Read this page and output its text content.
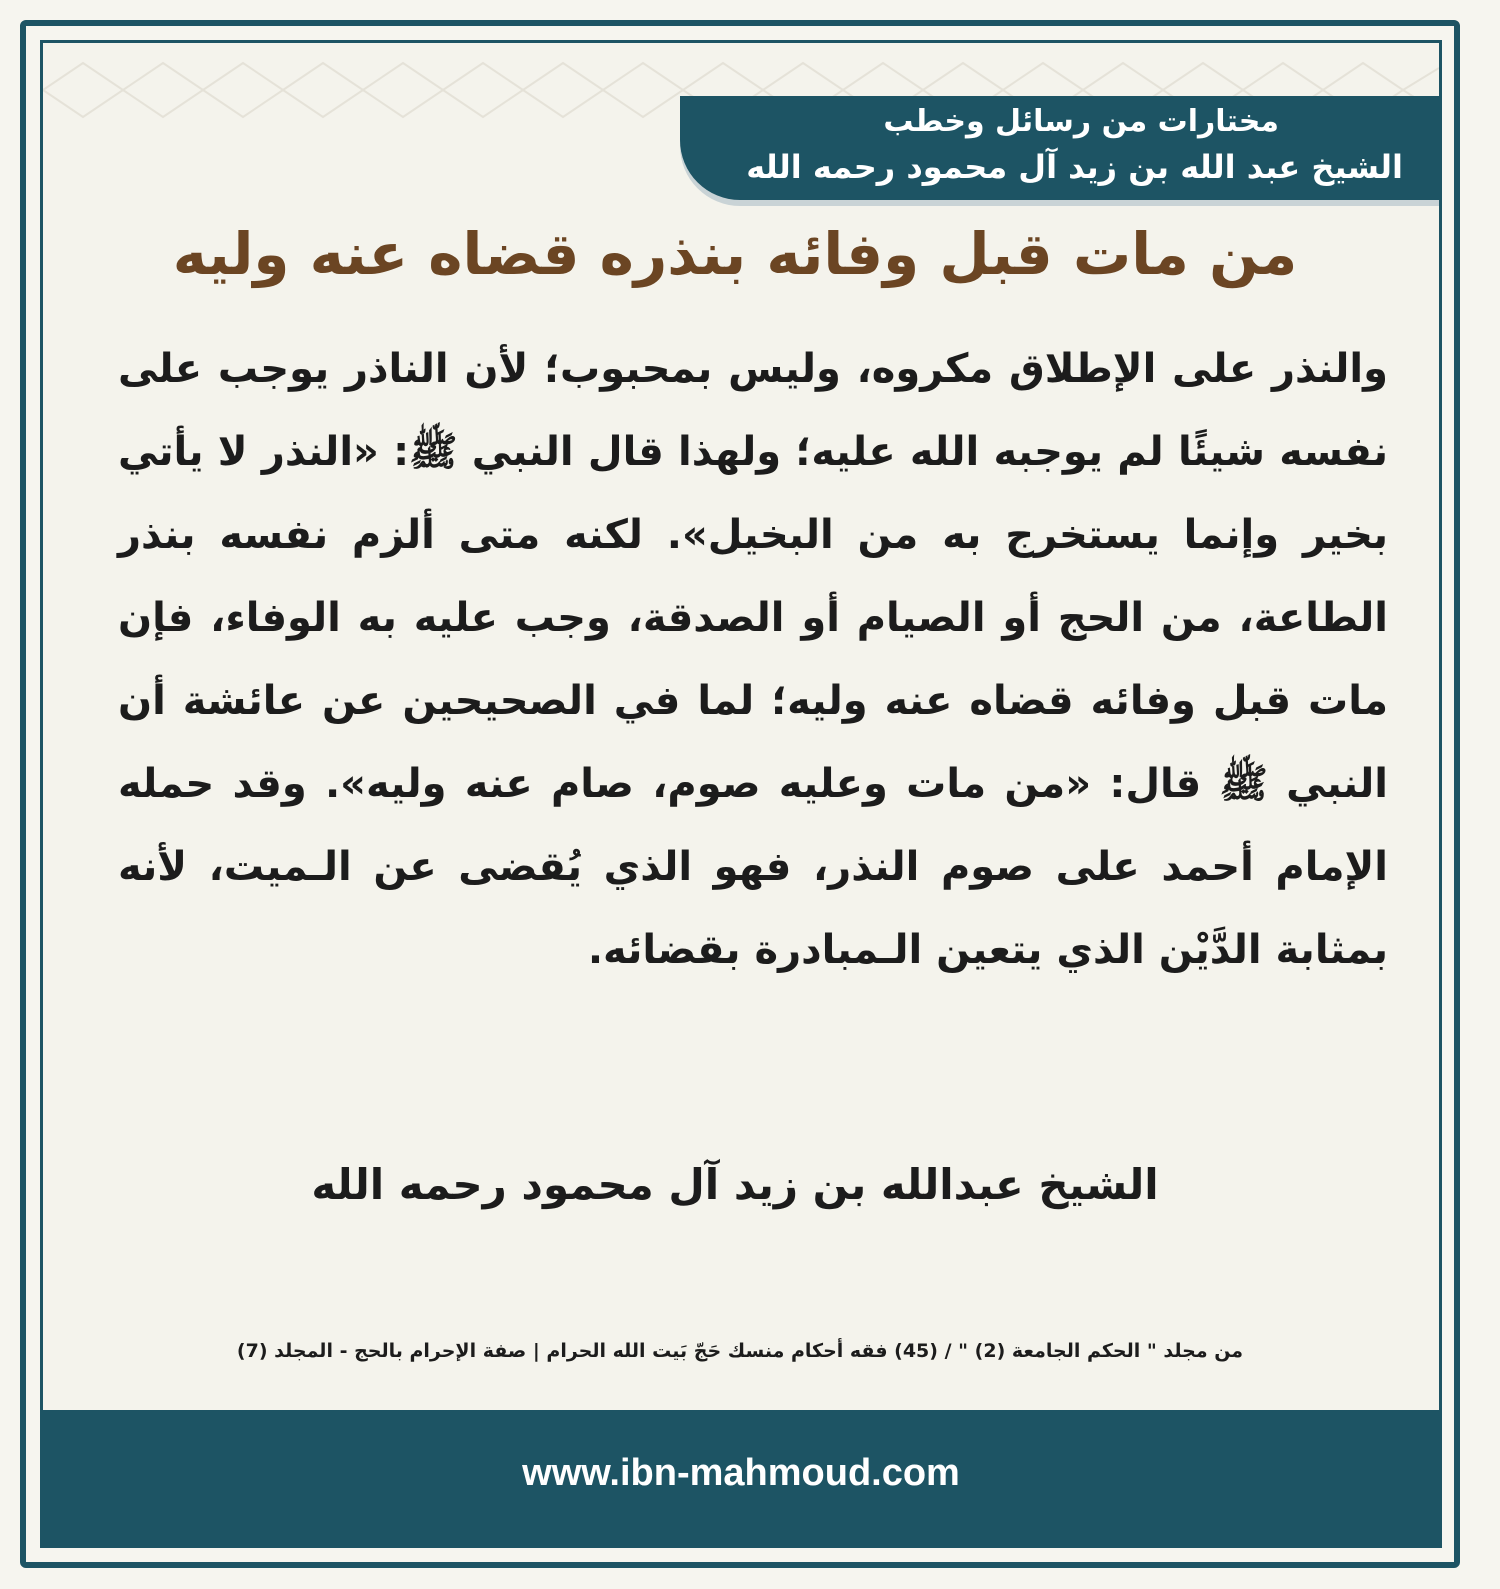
مختارات من رسائل وخطب
الشيخ عبد الله بن زيد آل محمود رحمه الله
من مات قبل وفائه بنذره قضاه عنه وليه
والنذر على الإطلاق مكروه، وليس بمحبوب؛ لأن الناذر يوجب على نفسه شيئًا لم يوجبه الله عليه؛ ولهذا قال النبي ﷺ: «النذر لا يأتي بخير وإنما يستخرج به من البخيل». لكنه متى ألزم نفسه بنذر الطاعة، من الحج أو الصيام أو الصدقة، وجب عليه به الوفاء، فإن مات قبل وفائه قضاه عنه وليه؛ لما في الصحيحين عن عائشة أن النبي ﷺ قال: «من مات وعليه صوم، صام عنه وليه». وقد حمله الإمام أحمد على صوم النذر، فهو الذي يُقضى عن الـميت، لأنه بمثابة الدَّيْن الذي يتعين الـمبادرة بقضائه.
الشيخ عبدالله بن زيد آل محمود رحمه الله
من مجلد " الحكم الجامعة (2) " / (45) فقه أحكام منسك حَجّ بَيت الله الحرام | صفة الإحرام بالحج - المجلد (7)
www.ibn-mahmoud.com
